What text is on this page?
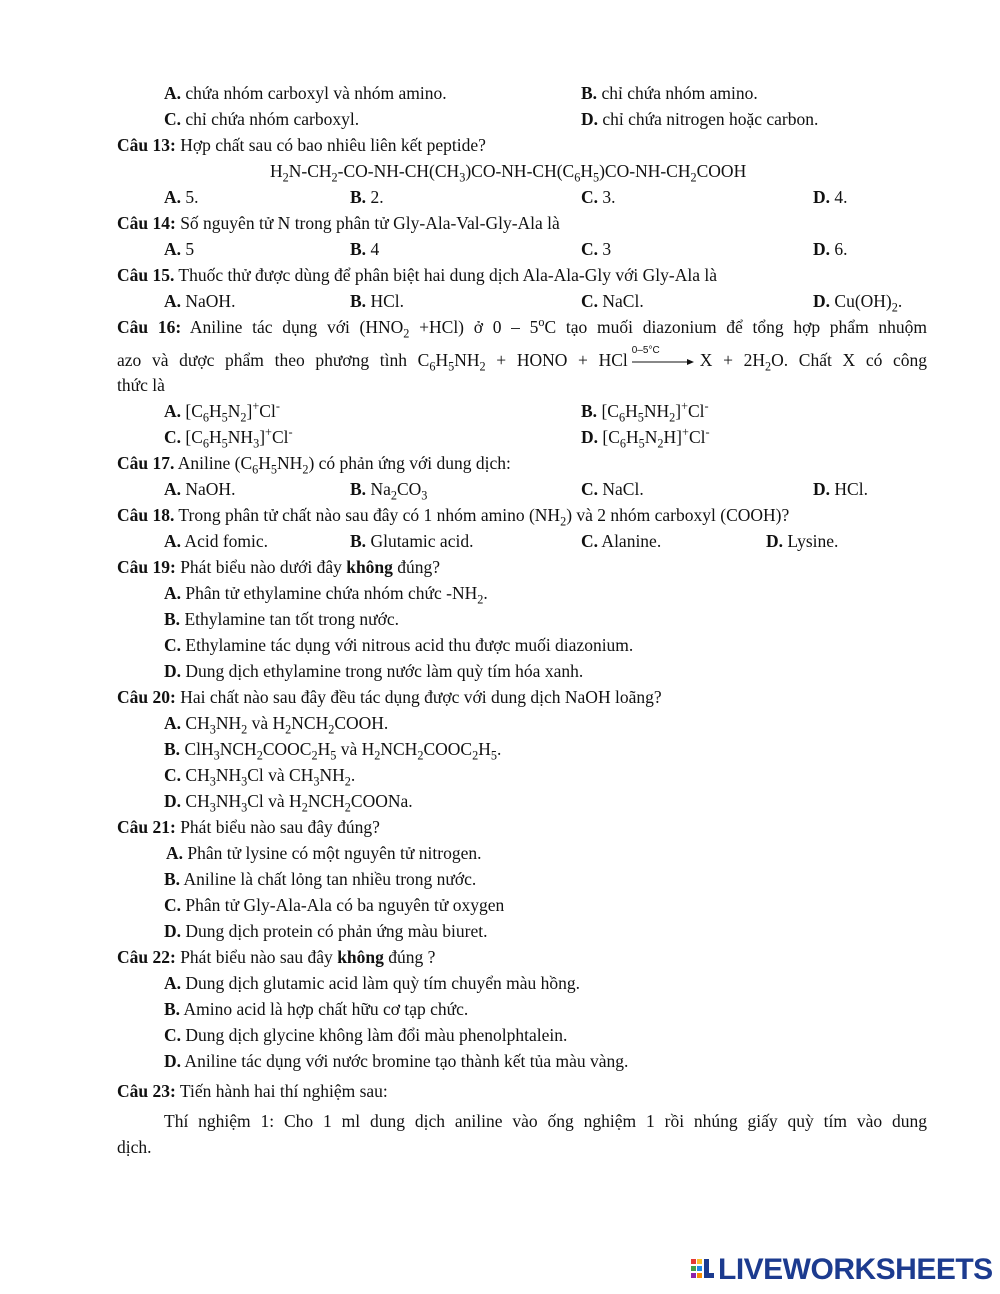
A. chứa nhóm carboxyl và nhóm amino.	B. chỉ chứa nhóm amino.
C. chỉ chứa nhóm carboxyl.	D. chỉ chứa nitrogen hoặc carbon.
Câu 13: Hợp chất sau có bao nhiêu liên kết peptide?
$H_2N-CH_2-CO-NH-CH(CH_3)CO-NH-CH(C_6H_5)CO-NH-CH_2COOH$
A. 5.	B. 2.	C. 3.	D. 4.
Câu 14: Số nguyên tử N trong phân tử Gly-Ala-Val-Gly-Ala là
A. 5	B. 4	C. 3	D. 6.
Câu 15. Thuốc thử được dùng để phân biệt hai dung dịch Ala-Ala-Gly với Gly-Ala là
A. NaOH.	B. HCl.	C. NaCl.	D. $Cu(OH)_2$.
Câu 16: Aniline tác dụng với $(HNO_2 +HCl)$ ở 0 – 5$^o$C tạo muối diazonium để tổng hợp phẩm nhuộm
azo và dược phẩm theo phương tình $C_6H_5NH_2$ + HONO + HCl 0–5°C	$X + 2H_2O$. Chất X có công
thức là
A. $[C_6H_5N_2]^+Cl^-$	B. $[C_6H_5NH_2]^+Cl^-$
C. $[C_6H_5NH_3]^+Cl^-$	D. $[C_6H_5N_2H]^+Cl^-$
Câu 17. Aniline $(C_6H_5NH_2)$ có phản ứng với dung dịch:
A. NaOH.	B. $Na_2CO_3$	C. NaCl.	D. HCl.
Câu 18. Trong phân tử chất nào sau đây có 1 nhóm amino $(NH_2)$ và 2 nhóm carboxyl (COOH)?
A. Acid fomic.	B. Glutamic acid.	C. Alanine.	D. Lysine.
Câu 19: Phát biểu nào dưới đây không đúng?
A. Phân tử ethylamine chứa nhóm chức $-NH_2$.
B. Ethylamine tan tốt trong nước.
C. Ethylamine tác dụng với nitrous acid thu được muối diazonium.
D. Dung dịch ethylamine trong nước làm quỳ tím hóa xanh.
Câu 20: Hai chất nào sau đây đều tác dụng được với dung dịch NaOH loãng?
A. $CH_3NH_2$ và $H_2NCH_2COOH$.
B. $ClH_3NCH_2COOC_2H_5$ và $H_2NCH_2COOC_2H_5$.
C. $CH_3NH_3Cl$ và $CH_3NH_2$.
D. $CH_3NH_3Cl$ và $H_2NCH_2COONa$.
Câu 21: Phát biểu nào sau đây đúng?
A. Phân tử lysine có một nguyên tử nitrogen.
B. Aniline là chất lỏng tan nhiều trong nước.
C. Phân tử Gly-Ala-Ala có ba nguyên tử oxygen
D. Dung dịch protein có phản ứng màu biuret.
Câu 22: Phát biểu nào sau đây không đúng ?
A. Dung dịch glutamic acid làm quỳ tím chuyển màu hồng.
B. Amino acid là hợp chất hữu cơ tạp chức.
C. Dung dịch glycine không làm đổi màu phenolphtalein.
D. Aniline tác dụng với nước bromine tạo thành kết tủa màu vàng.
Câu 23: Tiến hành hai thí nghiệm sau:
Thí nghiệm 1: Cho 1 ml dung dịch aniline vào ống nghiệm 1 rồi nhúng giấy quỳ tím vào dung
dịch.
LIVEWORKSHEETS
